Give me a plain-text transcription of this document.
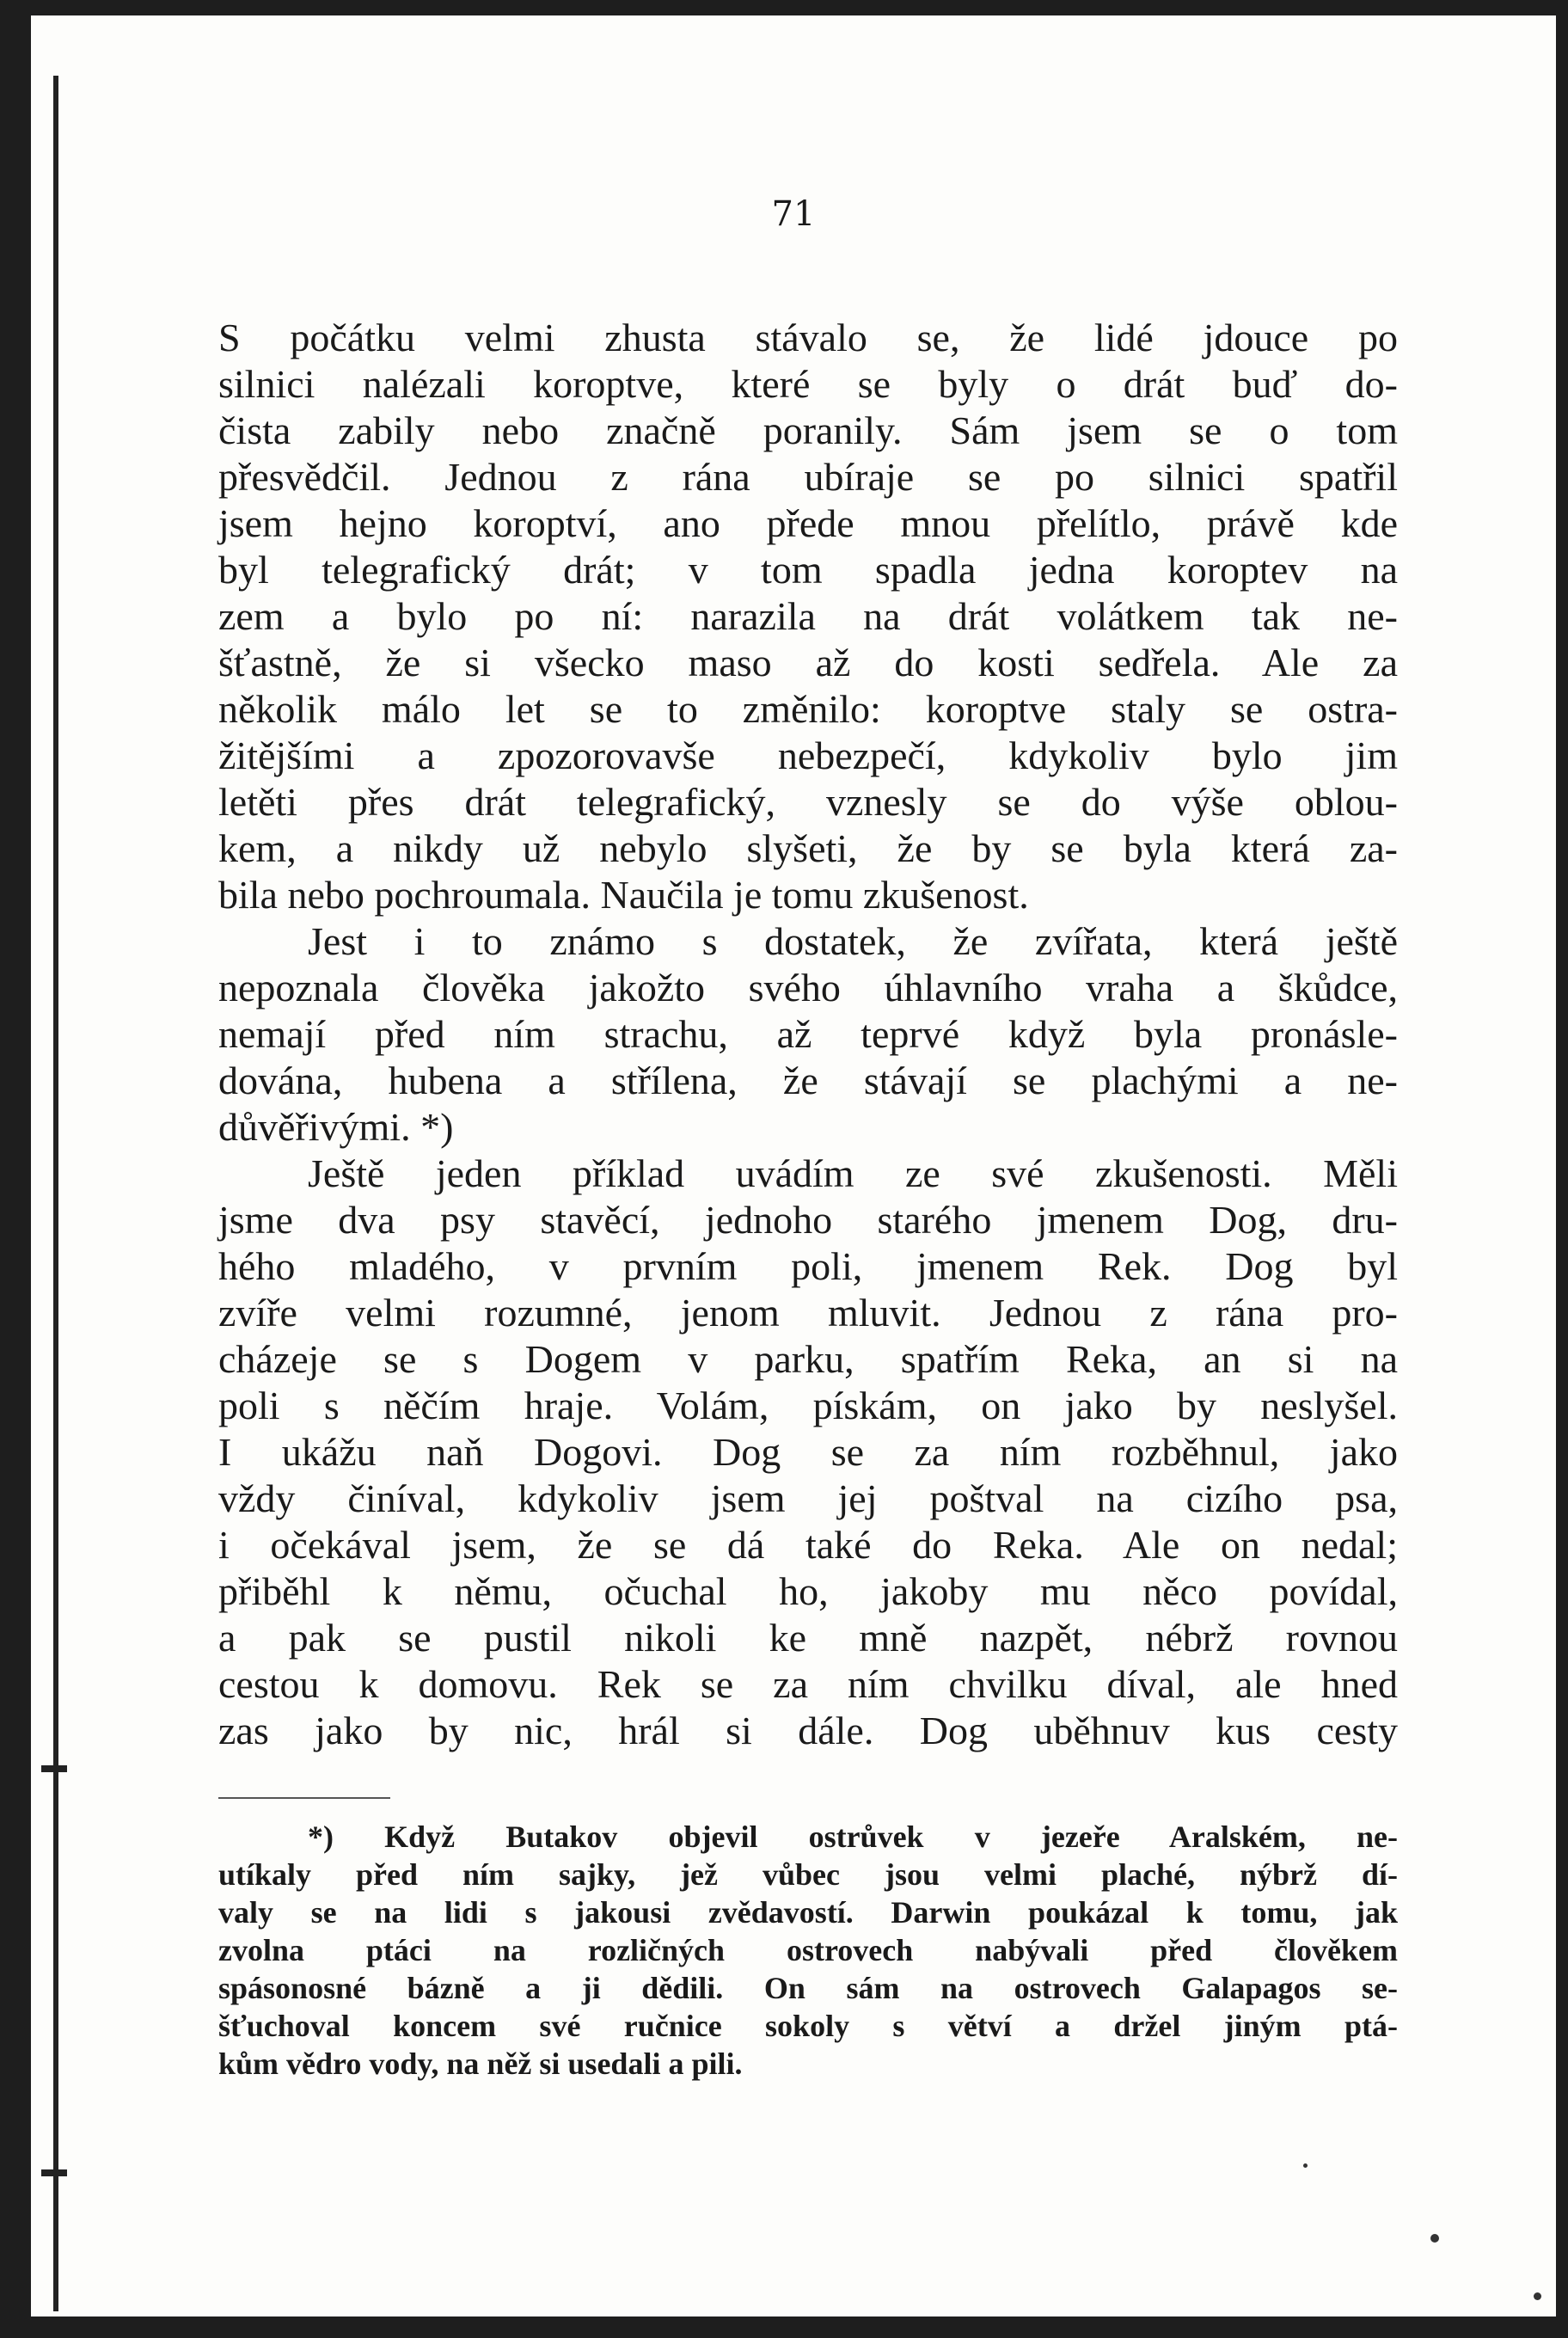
71
S počátku velmi zhusta stávalo se, že lidé jdouce po
silnici nalézali koroptve, které se byly o drát buď do-
čista zabily nebo značně poranily. Sám jsem se o tom
přesvědčil. Jednou z rána ubíraje se po silnici spatřil
jsem hejno koroptví, ano přede mnou přelítlo, právě kde
byl telegrafický drát; v tom spadla jedna koroptev na
zem a bylo po ní: narazila na drát volátkem tak ne-
šťastně, že si všecko maso až do kosti sedřela. Ale za
několik málo let se to změnilo: koroptve staly se ostra-
žitějšími a zpozorovavše nebezpečí, kdykoliv bylo jim
letěti přes drát telegrafický, vznesly se do výše oblou-
kem, a nikdy už nebylo slyšeti, že by se byla která za-
bila nebo pochroumala. Naučila je tomu zkušenost.
Jest i to známo s dostatek, že zvířata, která ještě
nepoznala člověka jakožto svého úhlavního vraha a škůdce,
nemají před ním strachu, až teprvé když byla pronásle-
dována, hubena a střílena, že stávají se plachými a ne-
důvěřivými. *)
Ještě jeden příklad uvádím ze své zkušenosti. Měli
jsme dva psy stavěcí, jednoho starého jmenem Dog, dru-
hého mladého, v prvním poli, jmenem Rek. Dog byl
zvíře velmi rozumné, jenom mluvit. Jednou z rána pro-
cházeje se s Dogem v parku, spatřím Reka, an si na
poli s něčím hraje. Volám, pískám, on jako by neslyšel.
I ukážu naň Dogovi. Dog se za ním rozběhnul, jako
vždy činíval, kdykoliv jsem jej poštval na cizího psa,
i očekával jsem, že se dá také do Reka. Ale on nedal;
přiběhl k němu, očuchal ho, jakoby mu něco povídal,
a pak se pustil nikoli ke mně nazpět, nébrž rovnou
cestou k domovu. Rek se za ním chvilku díval, ale hned
zas jako by nic, hrál si dále. Dog uběhnuv kus cesty
*) Když Butakov objevil ostrůvek v jezeře Aralském, ne-
utíkaly před ním sajky, jež vůbec jsou velmi plaché, nýbrž dí-
valy se na lidi s jakousi zvědavostí. Darwin poukázal k tomu, jak
zvolna ptáci na rozličných ostrovech nabývali před člověkem
spásonosné bázně a ji dědili. On sám na ostrovech Galapagos se-
šťuchoval koncem své ručnice sokoly s větví a držel jiným ptá-
kům vědro vody, na něž si usedali a pili.
